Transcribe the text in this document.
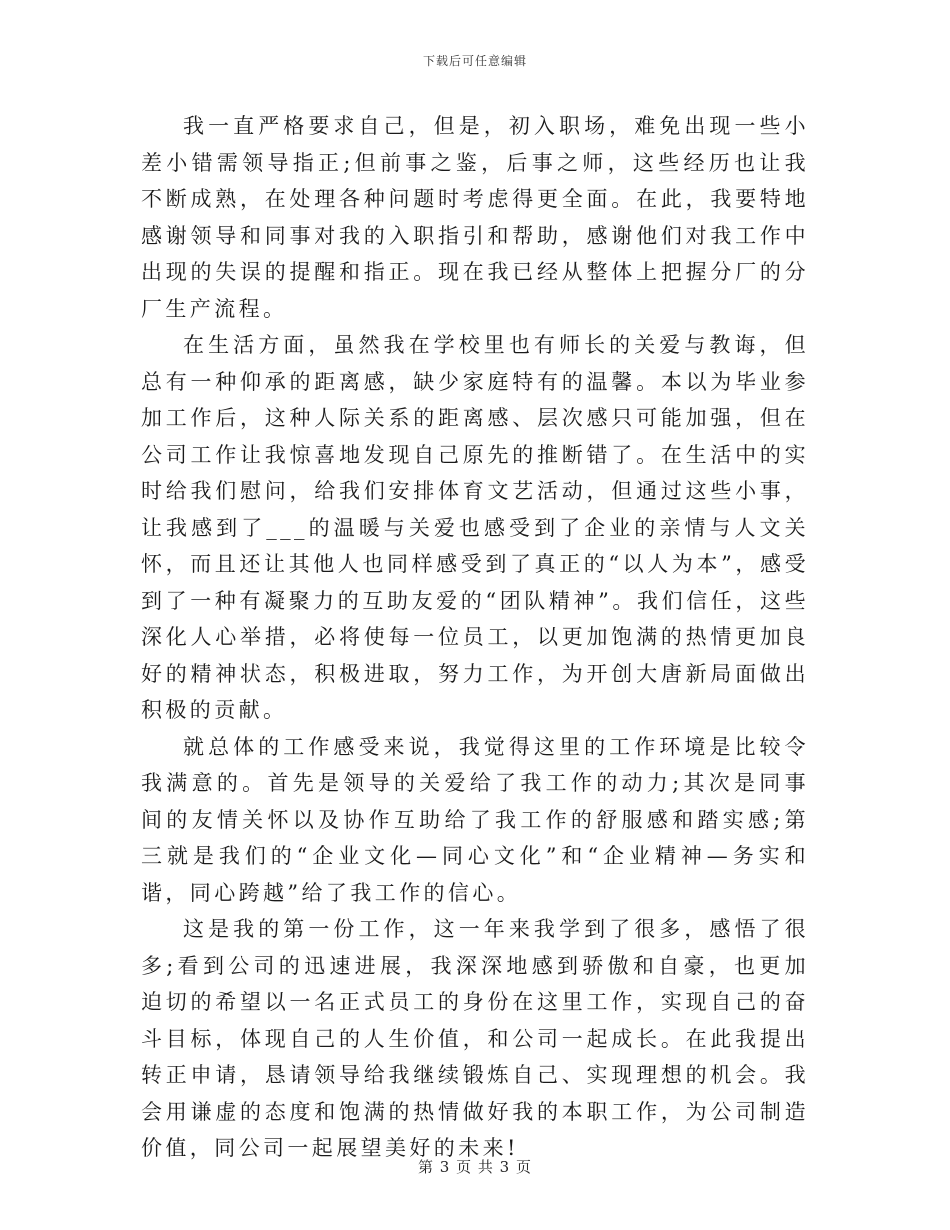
下载后可任意编辑

我一直严格要求自己，但是，初入职场，难免出现一些小差小错需领导指正;但前事之鉴，后事之师，这些经历也让我不断成熟，在处理各种问题时考虑得更全面。在此，我要特地感谢领导和同事对我的入职指引和帮助，感谢他们对我工作中出现的失误的提醒和指正。现在我已经从整体上把握分厂的分厂生产流程。

在生活方面，虽然我在学校里也有师长的关爱与教诲，但总有一种仰承的距离感，缺少家庭特有的温馨。本以为毕业参加工作后，这种人际关系的距离感、层次感只可能加强，但在公司工作让我惊喜地发现自己原先的推断错了。在生活中的实时给我们慰问，给我们安排体育文艺活动，但通过这些小事，让我感到了___的温暖与关爱也感受到了企业的亲情与人文关怀，而且还让其他人也同样感受到了真正的“以人为本”，感受到了一种有凝聚力的互助友爱的“团队精神”。我们信任，这些深化人心举措，必将使每一位员工，以更加饱满的热情更加良好的精神状态，积极进取，努力工作，为开创大唐新局面做出积极的贡献。

就总体的工作感受来说，我觉得这里的工作环境是比较令我满意的。首先是领导的关爱给了我工作的动力;其次是同事间的友情关怀以及协作互助给了我工作的舒服感和踏实感;第三就是我们的“企业文化—同心文化”和“企业精神—务实和谐，同心跨越”给了我工作的信心。

这是我的第一份工作，这一年来我学到了很多，感悟了很多;看到公司的迅速进展，我深深地感到骄傲和自豪，也更加迫切的希望以一名正式员工的身份在这里工作，实现自己的奋斗目标，体现自己的人生价值，和公司一起成长。在此我提出转正申请，恳请领导给我继续锻炼自己、实现理想的机会。我会用谦虚的态度和饱满的热情做好我的本职工作，为公司制造价值，同公司一起展望美好的未来!

第 3 页 共 3 页
